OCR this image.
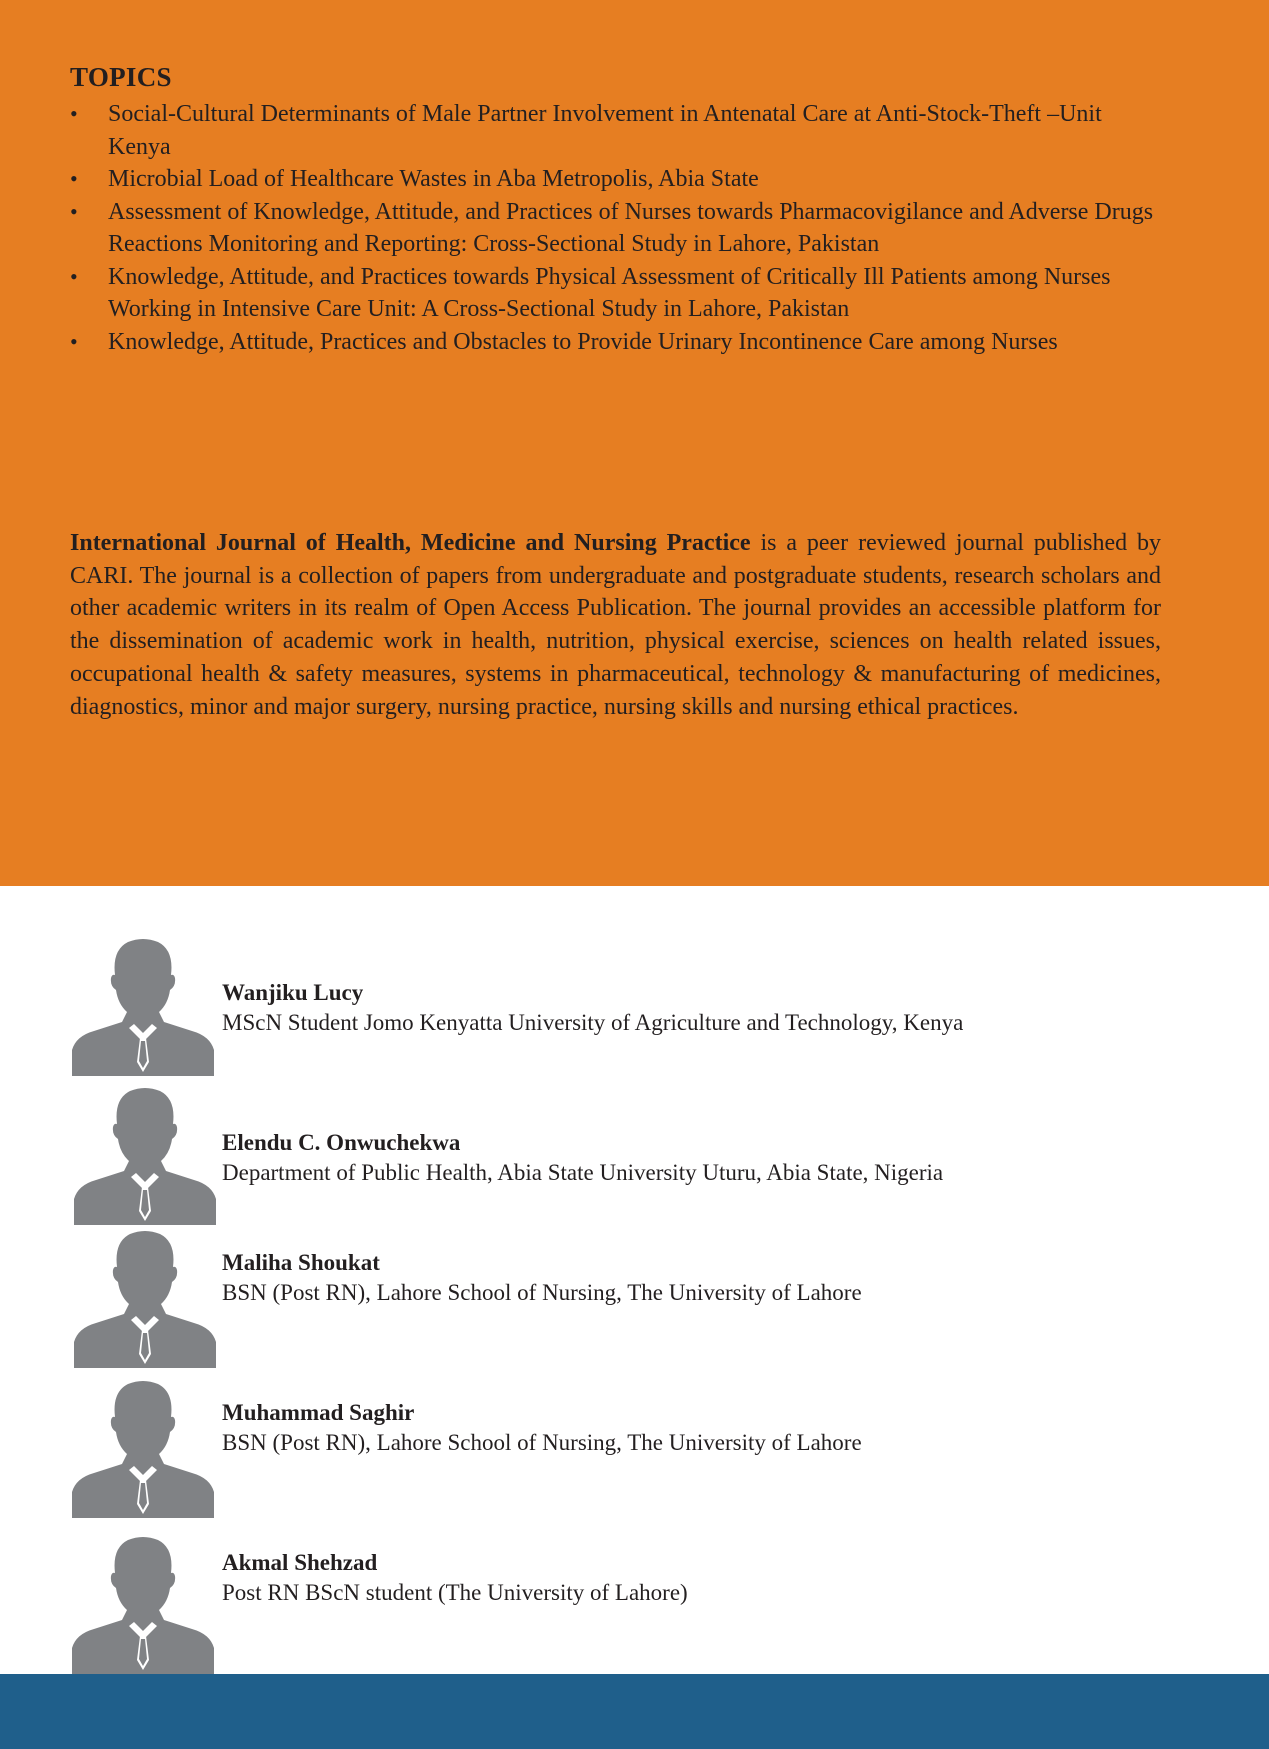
TOPICS
• Social-Cultural Determinants of Male Partner Involvement in Antenatal Care at Anti-Stock-Theft –Unit Kenya
• Microbial Load of Healthcare Wastes in Aba Metropolis, Abia State
• Assessment of Knowledge, Attitude, and Practices of Nurses towards Pharmacovigilance and Adverse Drugs Reactions Monitoring and Reporting: Cross-Sectional Study in Lahore, Pakistan
• Knowledge, Attitude, and Practices towards Physical Assessment of Critically Ill Patients among Nurses Working in Intensive Care Unit: A Cross-Sectional Study in Lahore, Pakistan
• Knowledge, Attitude, Practices and Obstacles to Provide Urinary Incontinence Care among Nurses

International Journal of Health, Medicine and Nursing Practice is a peer reviewed journal published by CARI. The journal is a collection of papers from undergraduate and postgraduate students, research scholars and other academic writers in its realm of Open Access Publication. The journal provides an accessible platform for the dissemination of academic work in health, nutrition, physical exercise, sciences on health related issues, occupational health & safety measures, systems in pharmaceutical, technology & manufacturing of medicines, diagnostics, minor and major surgery, nursing practice, nursing skills and nursing ethical practices.

Wanjiku Lucy
MScN Student Jomo Kenyatta University of Agriculture and Technology, Kenya
Elendu C. Onwuchekwa
Department of Public Health, Abia State University Uturu, Abia State, Nigeria
Maliha Shoukat
BSN (Post RN), Lahore School of Nursing, The University of Lahore
Muhammad Saghir
BSN (Post RN), Lahore School of Nursing, The University of Lahore
Akmal Shehzad
Post RN BScN student (The University of Lahore)
